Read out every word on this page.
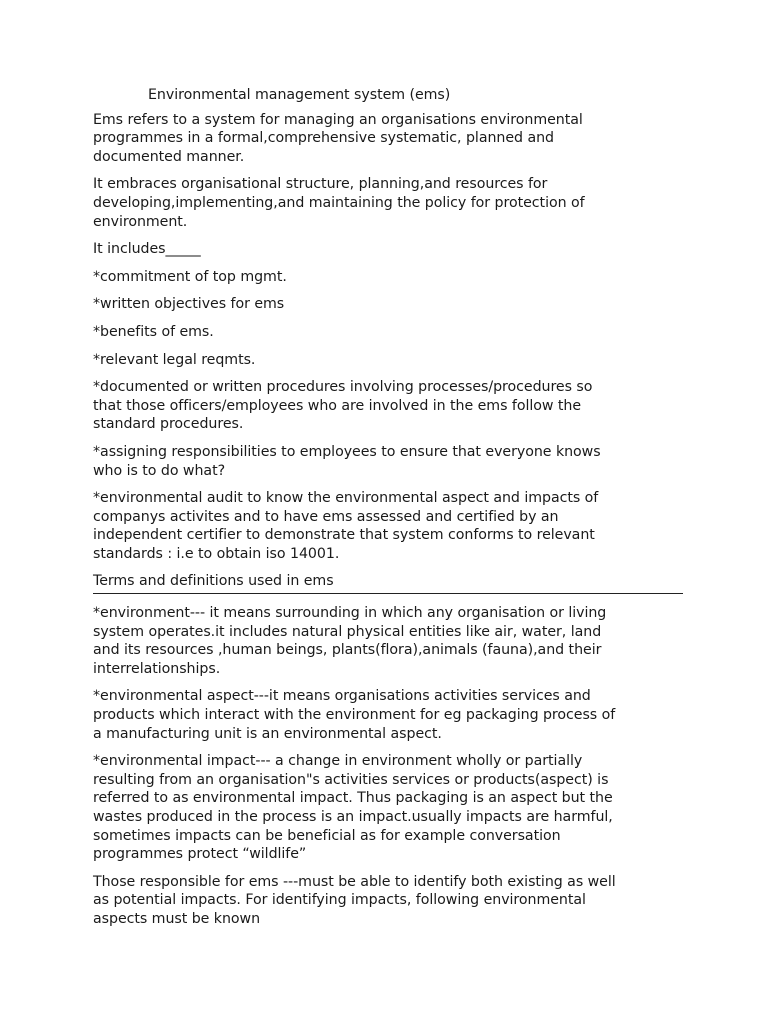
Environmental management system (ems)

Ems refers to a system for managing an organisations environmental
programmes in a formal,comprehensive systematic, planned and
documented manner.

It embraces organisational structure, planning,and resources for
developing,implementing,and maintaining the policy for protection of
environment.

It includes_____

*commitment of top mgmt.
*written objectives for ems
*benefits of ems.
*relevant legal reqmts.
*documented or written procedures involving processes/procedures so
that those officers/employees who are involved in the ems follow the
standard procedures.
*assigning responsibilities to employees to ensure that everyone knows
who is to do what?
*environmental audit to know the environmental aspect and impacts of
companys activites and to have ems assessed and certified by an
independent certifier to demonstrate that system conforms to relevant
standards : i.e to obtain iso 14001.
Terms and definitions used in ems

*environment--- it means surrounding in which any organisation or living
system operates.it includes natural physical entities like air, water, land
and its resources ,human beings, plants(flora),animals (fauna),and their
interrelationships.

*environmental aspect---it means organisations activities services and
products which interact with the environment for eg packaging process of
a manufacturing unit is an environmental aspect.

*environmental impact--- a change in environment wholly or partially
resulting from an organisation"s activities services or products(aspect) is
referred to as environmental impact. Thus packaging is an aspect but the
wastes produced in the process is an impact.usually impacts are harmful,
sometimes impacts can be beneficial as for example conversation
programmes protect “wildlife”

Those responsible for ems ---must be able to identify both existing as well
as potential impacts. For identifying impacts, following environmental
aspects must be known
